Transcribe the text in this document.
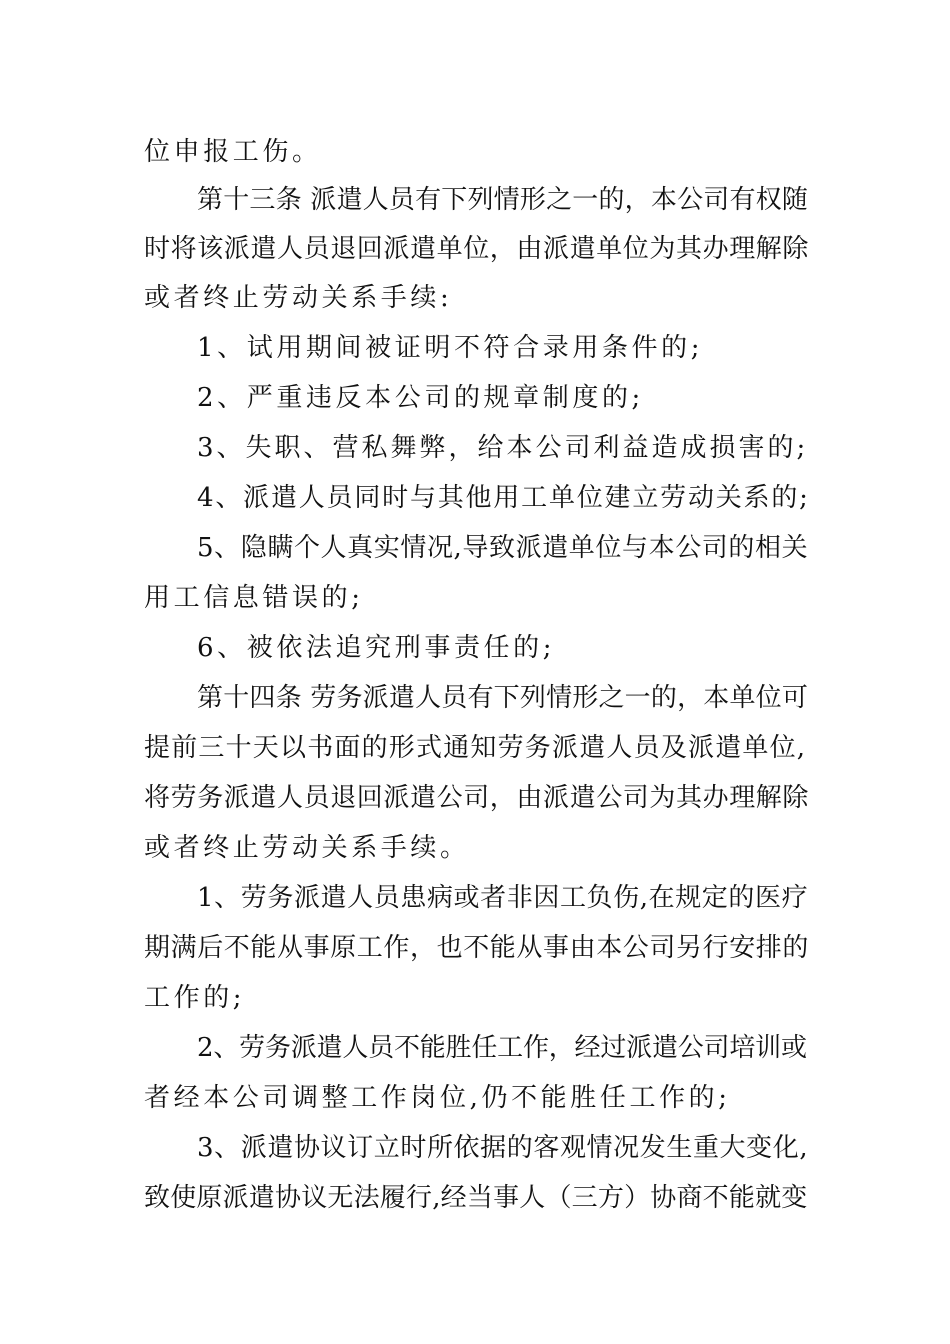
位申报工伤。
第十三条 派遣人员有下列情形之一的，本公司有权随
时将该派遣人员退回派遣单位，由派遣单位为其办理解除
或者终止劳动关系手续:
1、试用期间被证明不符合录用条件的;
2、严重违反本公司的规章制度的;
3、失职、营私舞弊，给本公司利益造成损害的;
4、派遣人员同时与其他用工单位建立劳动关系的;
5、隐瞒个人真实情况,导致派遣单位与本公司的相关
用工信息错误的;
6、被依法追究刑事责任的;
第十四条 劳务派遣人员有下列情形之一的，本单位可
提前三十天以书面的形式通知劳务派遣人员及派遣单位,
将劳务派遣人员退回派遣公司，由派遣公司为其办理解除
或者终止劳动关系手续。
1、劳务派遣人员患病或者非因工负伤,在规定的医疗
期满后不能从事原工作，也不能从事由本公司另行安排的
工作的;
2、劳务派遣人员不能胜任工作，经过派遣公司培训或
者经本公司调整工作岗位,仍不能胜任工作的;
3、派遣协议订立时所依据的客观情况发生重大变化,
致使原派遣协议无法履行,经当事人（三方）协商不能就变
